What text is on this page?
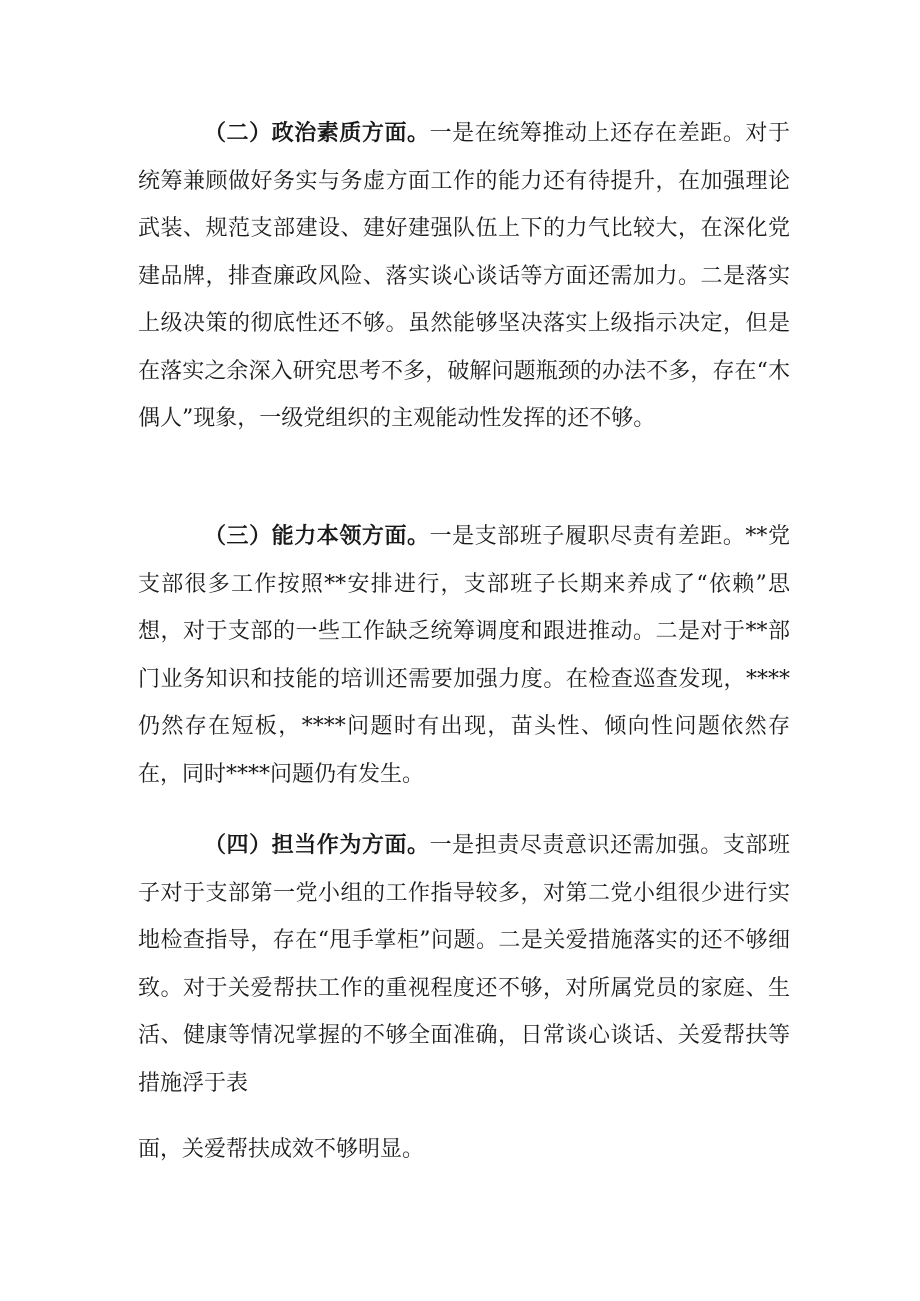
（二）政治素质方面。一是在统筹推动上还存在差距。对于统筹兼顾做好务实与务虚方面工作的能力还有待提升，在加强理论武装、规范支部建设、建好建强队伍上下的力气比较大，在深化党建品牌，排查廉政风险、落实谈心谈话等方面还需加力。二是落实上级决策的彻底性还不够。虽然能够坚决落实上级指示决定，但是在落实之余深入研究思考不多，破解问题瓶颈的办法不多，存在“木偶人”现象，一级党组织的主观能动性发挥的还不够。

（三）能力本领方面。一是支部班子履职尽责有差距。**党支部很多工作按照**安排进行，支部班子长期来养成了“依赖”思想，对于支部的一些工作缺乏统筹调度和跟进推动。二是对于**部门业务知识和技能的培训还需要加强力度。在检查巡查发现，****仍然存在短板，****问题时有出现，苗头性、倾向性问题依然存在，同时****问题仍有发生。

（四）担当作为方面。一是担责尽责意识还需加强。支部班子对于支部第一党小组的工作指导较多，对第二党小组很少进行实地检查指导，存在“甩手掌柜”问题。二是关爱措施落实的还不够细致。对于关爱帮扶工作的重视程度还不够，对所属党员的家庭、生活、健康等情况掌握的不够全面准确，日常谈心谈话、关爱帮扶等措施浮于表

面，关爱帮扶成效不够明显。
